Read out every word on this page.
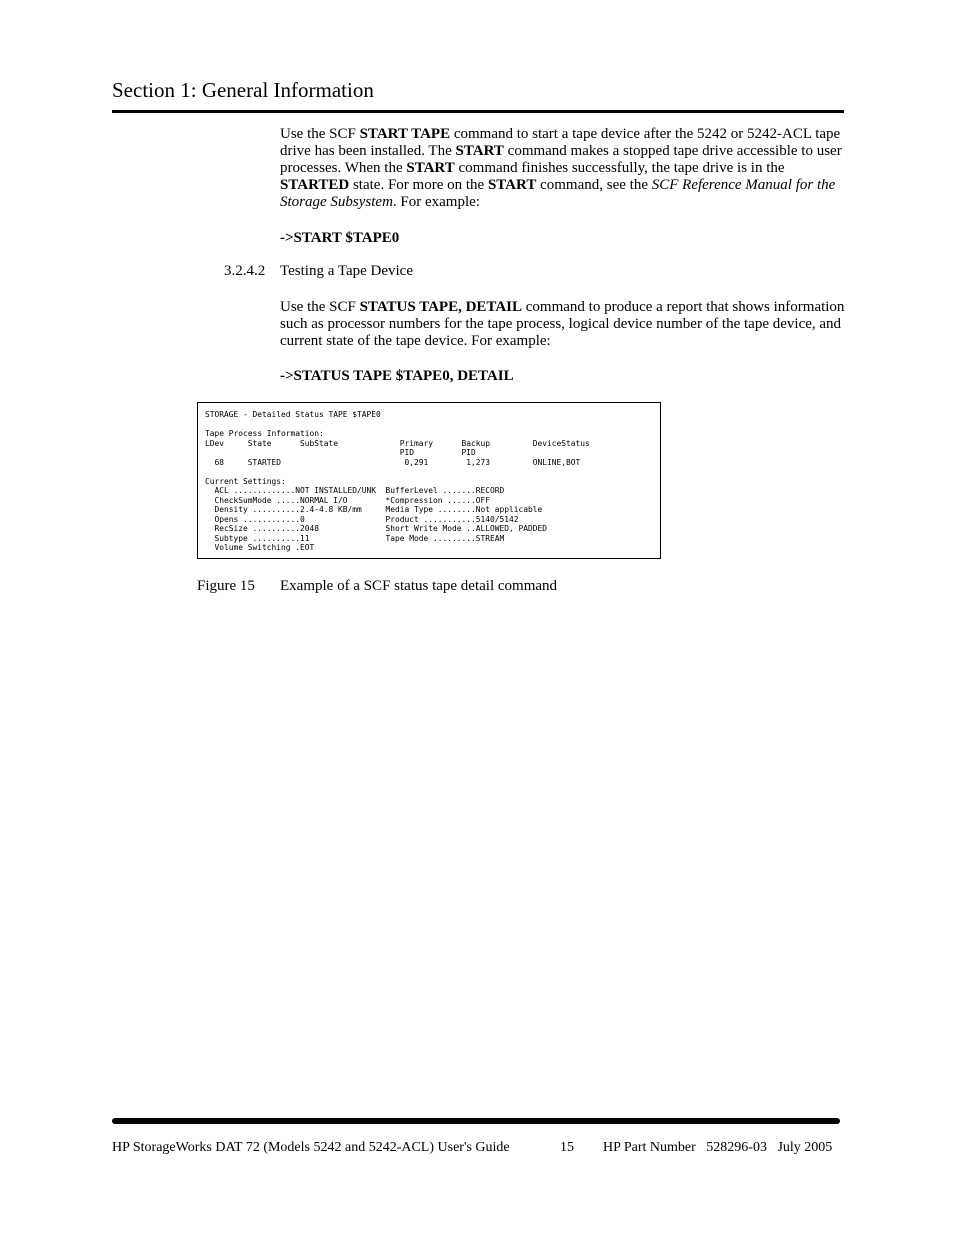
Section 1: General Information

Use the SCF START TAPE command to start a tape device after the 5242 or 5242-ACL tape drive has been installed. The START command makes a stopped tape drive accessible to user processes. When the START command finishes successfully, the tape drive is in the STARTED state. For more on the START command, see the SCF Reference Manual for the Storage Subsystem. For example:

->START $TAPE0

3.2.4.2 Testing a Tape Device

Use the SCF STATUS TAPE, DETAIL command to produce a report that shows information such as processor numbers for the tape process, logical device number of the tape device, and current state of the tape device. For example:

->STATUS TAPE $TAPE0, DETAIL

STORAGE - Detailed Status TAPE $TAPE0

Tape Process Information:
LDev     State      SubState             Primary      Backup         DeviceStatus
PID          PID
68     STARTED                          0,291        1,273         ONLINE,BOT

Current Settings:
ACL .............NOT INSTALLED/UNK  BufferLevel .......RECORD
CheckSumMode .....NORMAL I/O        *Compression ......OFF
Density ..........2.4-4.8 KB/mm     Media Type ........Not applicable
Opens ............0                 Product ...........5140/5142
RecSize ..........2048              Short Write Mode ..ALLOWED, PADDED
Subtype ..........11                Tape Mode .........STREAM
Volume Switching .EOT
Figure 15 Example of a SCF status tape detail command
HP StorageWorks DAT 72 (Models 5242 and 5242-ACL) User's Guide	15 HP Part Number   528296-03   July 2005
